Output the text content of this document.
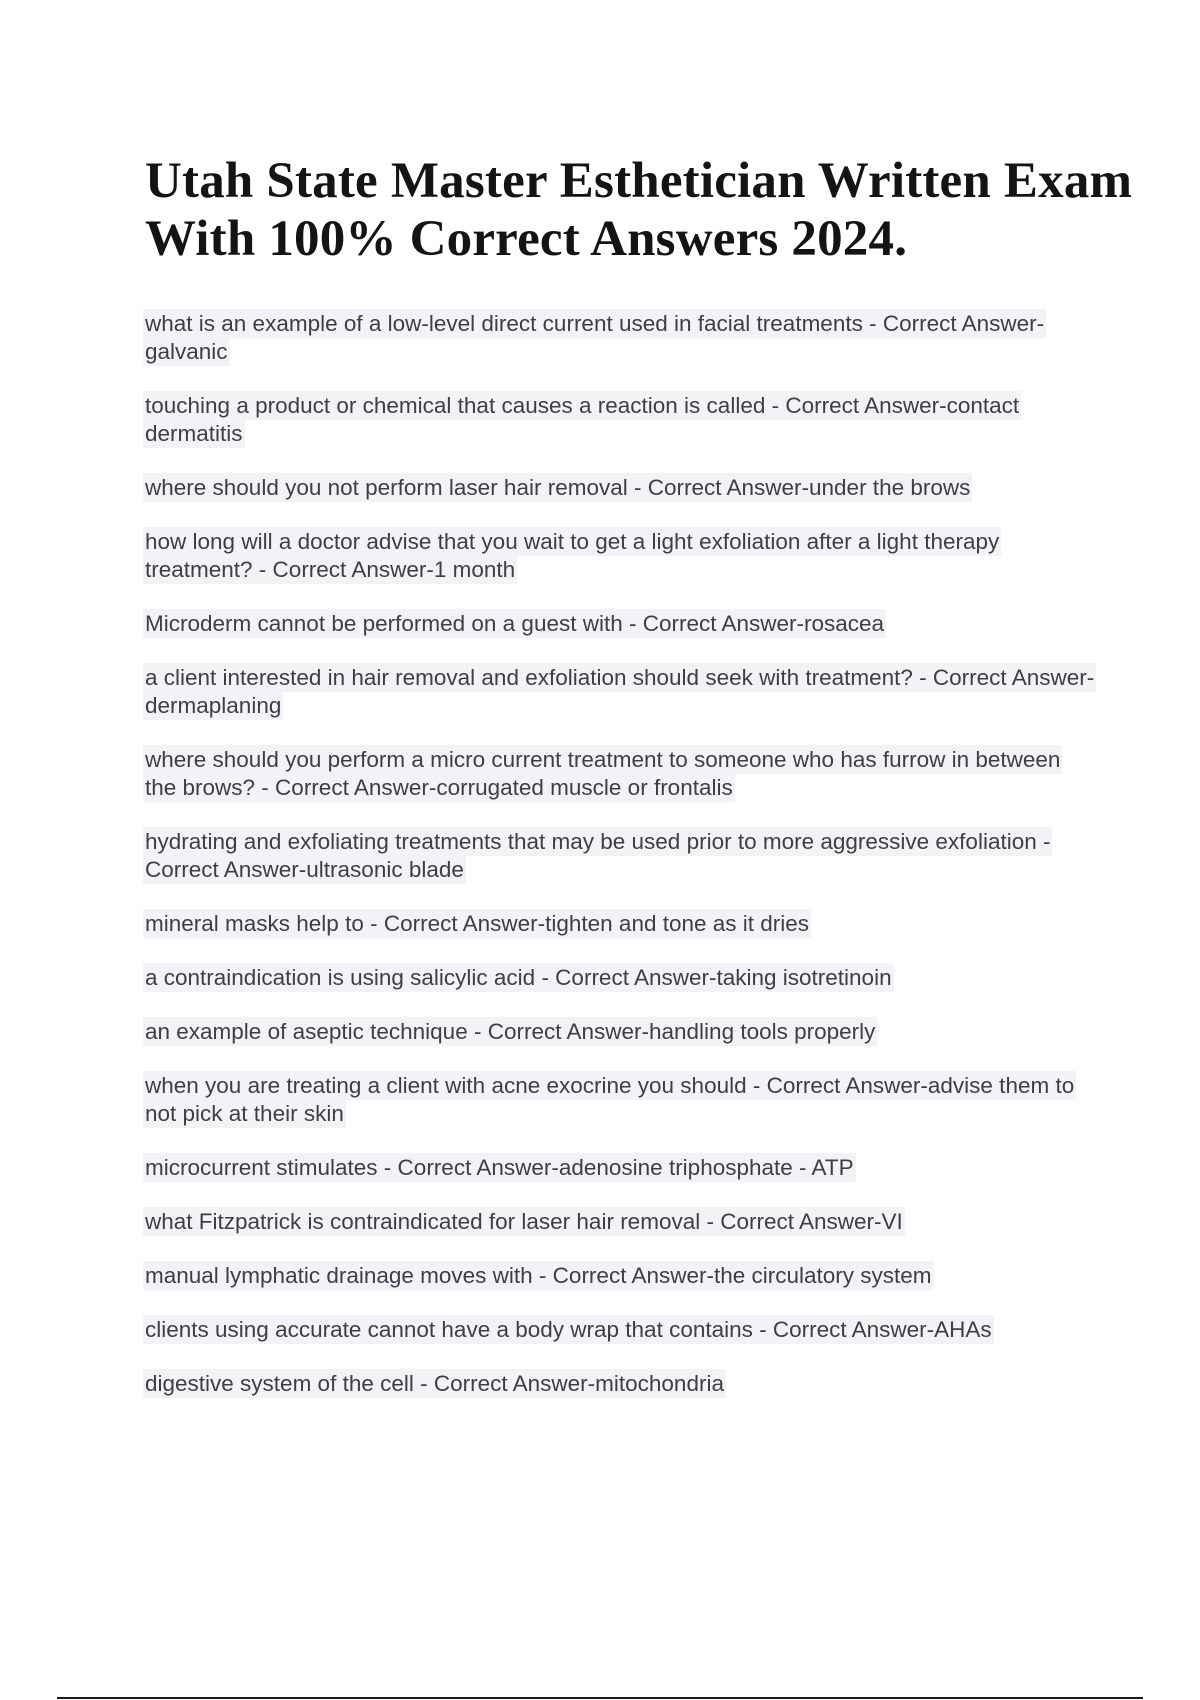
Utah State Master Esthetician Written Exam With 100% Correct Answers 2024.
what is an example of a low-level direct current used in facial treatments - Correct Answer-galvanic
touching a product or chemical that causes a reaction is called - Correct Answer-contact dermatitis
where should you not perform laser hair removal - Correct Answer-under the brows
how long will a doctor advise that you wait to get a light exfoliation after a light therapy treatment? - Correct Answer-1 month
Microderm cannot be performed on a guest with - Correct Answer-rosacea
a client interested in hair removal and exfoliation should seek with treatment? - Correct Answer-dermaplaning
where should you perform a micro current treatment to someone who has furrow in between the brows? - Correct Answer-corrugated muscle or frontalis
hydrating and exfoliating treatments that may be used prior to more aggressive exfoliation - Correct Answer-ultrasonic blade
mineral masks help to - Correct Answer-tighten and tone as it dries
a contraindication is using salicylic acid - Correct Answer-taking isotretinoin
an example of aseptic technique - Correct Answer-handling tools properly
when you are treating a client with acne exocrine you should - Correct Answer-advise them to not pick at their skin
microcurrent stimulates - Correct Answer-adenosine triphosphate - ATP
what Fitzpatrick is contraindicated for laser hair removal - Correct Answer-VI
manual lymphatic drainage moves with - Correct Answer-the circulatory system
clients using accurate cannot have a body wrap that contains - Correct Answer-AHAs
digestive system of the cell - Correct Answer-mitochondria
